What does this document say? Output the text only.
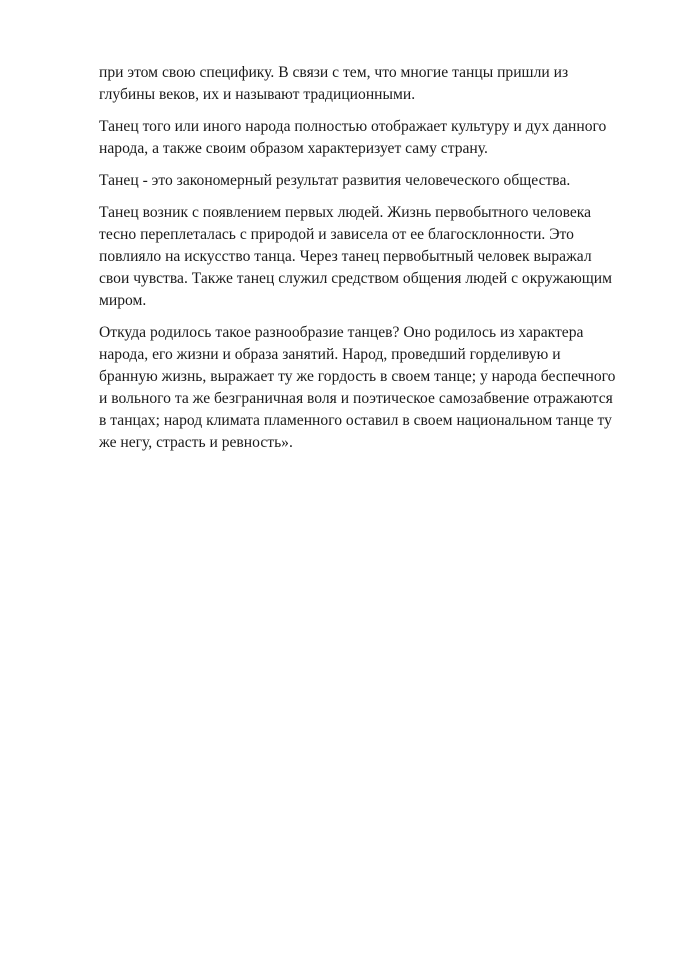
при этом свою специфику. В связи с тем, что многие танцы пришли из
глубины веков, их и называют традиционными.

Танец того или иного народа полностью отображает культуру и дух данного
народа, а также своим образом характеризует саму страну.

Танец - это закономерный результат развития человеческого общества.

Танец возник с появлением первых людей. Жизнь первобытного человека
тесно переплеталась с природой и зависела от ее благосклонности. Это
повлияло на искусство танца. Через танец первобытный человек выражал
свои чувства. Также танец служил средством общения людей с окружающим
миром.

Откуда родилось такое разнообразие танцев? Оно родилось из характера
народа, его жизни и образа занятий. Народ, проведший горделивую и
бранную жизнь, выражает ту же гордость в своем танце; у народа беспечного
и вольного та же безграничная воля и поэтическое самозабвение отражаются
в танцах; народ климата пламенного оставил в своем национальном танце ту
же негу, страсть и ревность».
